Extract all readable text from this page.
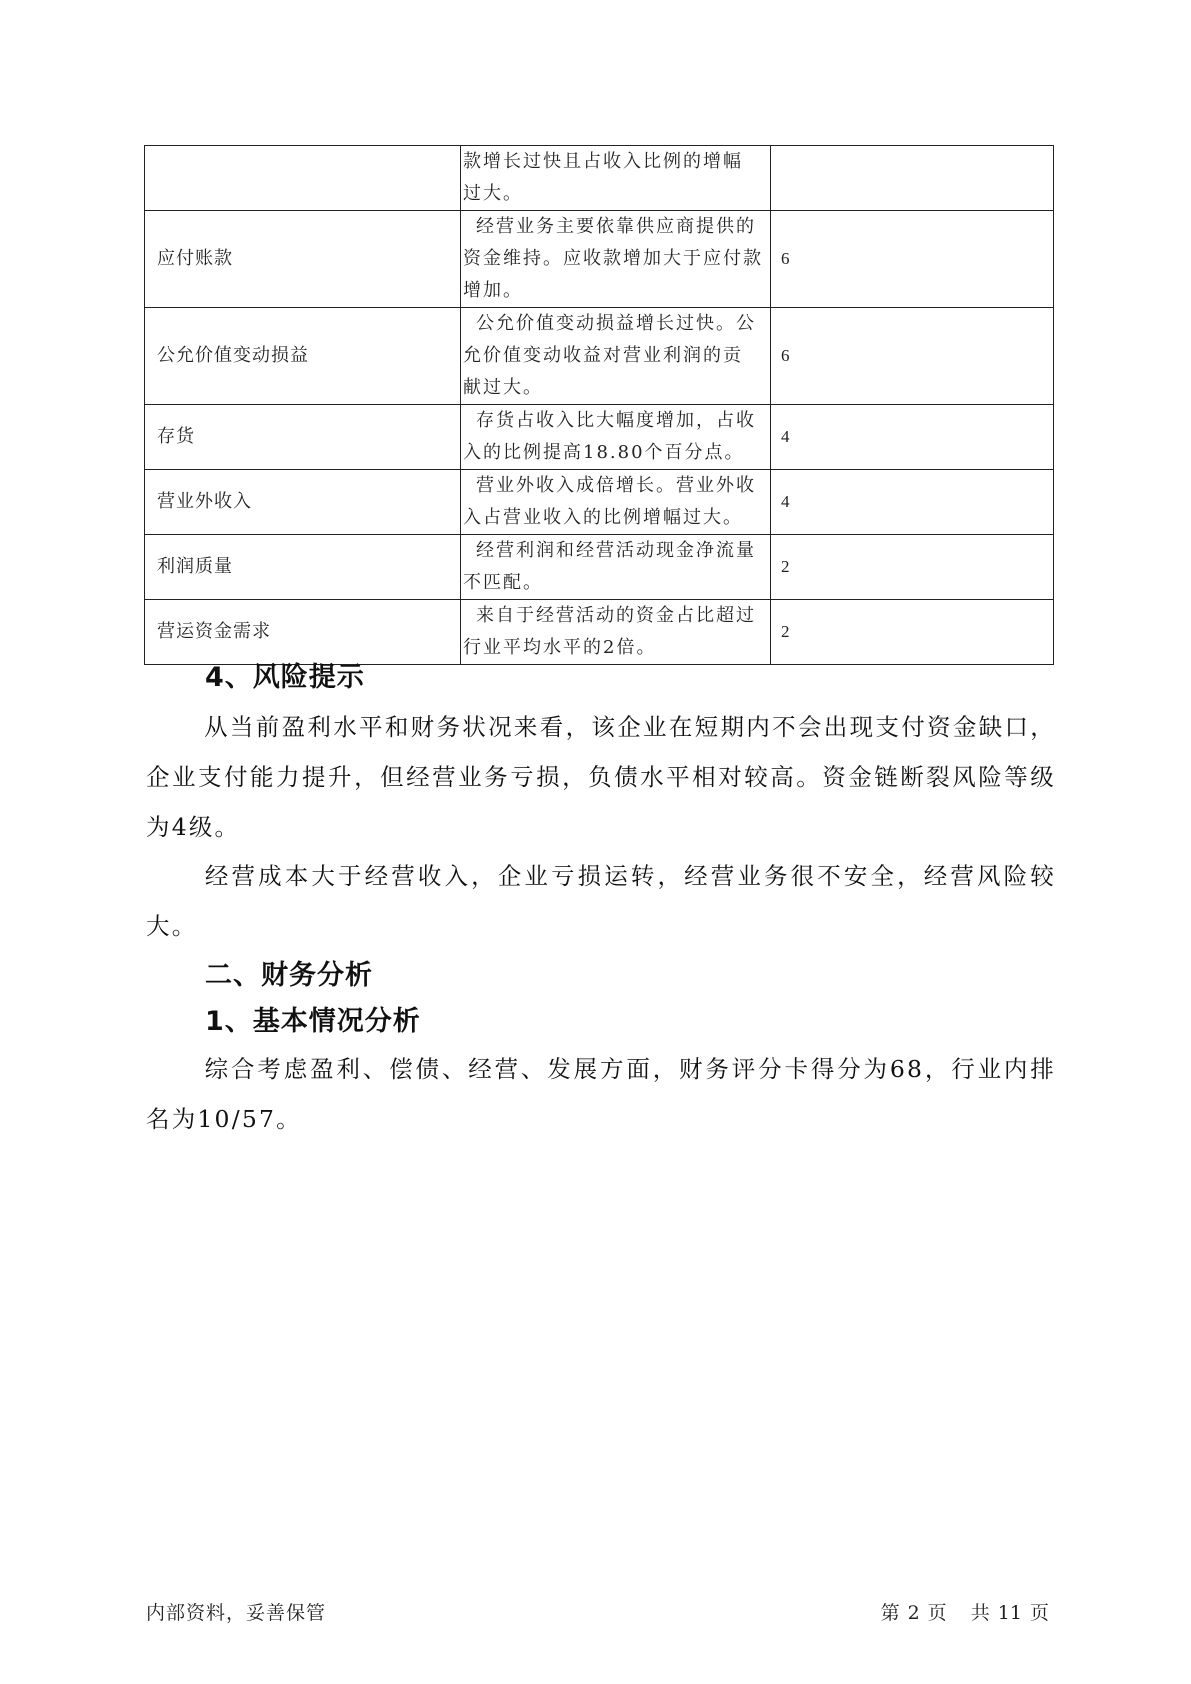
	款增长过快且占收入比例的增幅
过大。	

应付账款	经营业务主要依靠供应商提供的
资金维持。应收款增加大于应付款
增加。	6
公允价值变动损益	公允价值变动损益增长过快。公
允价值变动收益对营业利润的贡
献过大。	6
存货	存货占收入比大幅度增加，占收
入的比例提高18.80个百分点。	4
营业外收入	营业外收入成倍增长。营业外收
入占营业收入的比例增幅过大。	4
利润质量	经营利润和经营活动现金净流量
不匹配。	2
营运资金需求	来自于经营活动的资金占比超过
行业平均水平的2倍。	2
4、风险提示
从当前盈利水平和财务状况来看，该企业在短期内不会出现支付资金缺口，企业支付能力提升，但经营业务亏损，负债水平相对较高。资金链断裂风险等级为4级。
经营成本大于经营收入，企业亏损运转，经营业务很不安全，经营风险较大。
二、财务分析
1、基本情况分析
综合考虑盈利、偿债、经营、发展方面，财务评分卡得分为68，行业内排名为10/57。
内部资料，妥善保管	第 2 页 共 11 页
